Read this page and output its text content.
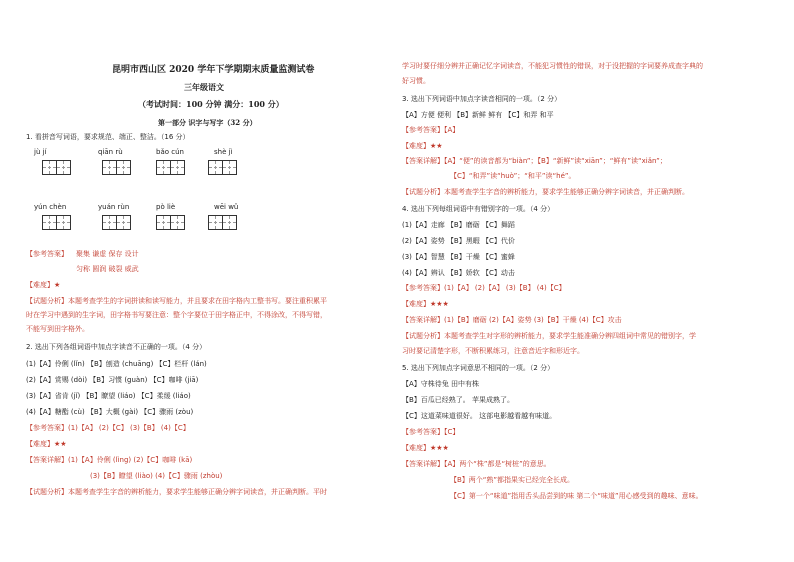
昆明市西山区 2020 学年下学期期末质量监测试卷
三年级语文
（考试时间：100 分钟 满分：100 分）
第一部分 识字与写字（32 分）
1. 看拼音写词语，要求规范、端正、整洁。（16 分）
jù jí	qiān rù	bǎo cún	shè jì
yún chèn	yuán rùn	pò liè	wēi wǔ
【参考答案】 聚集 谦虚 保存 设计
匀称 圆润 破裂 威武
【难度】★
【试题分析】本题考查学生的字词拼读和读写能力，并且要求在田字格内工整书写。要注重积累平
时在学习中遇到的生字词，田字格书写要注意：整个字要位于田字格正中，不得涂改，不得写错，
不能写到田字格外。
2. 选出下列各组词语中加点字读音不正确的一项。（4 分）
(1)【A】伶俐 (lǐn) 【B】刨造 (chuāng) 【C】栏杆 (lán)
(2)【A】赏赐 (dòi) 【B】习惯 (guàn) 【C】咖啡 (jiā)
(3)【A】省肯 (jǐ) 【B】瞭望 (liáo) 【C】柔缓 (liáo)
(4)【A】糖酯 (cù) 【B】大概 (gài) 【C】骤雨 (zòu)
【参考答案】(1)【A】 (2)【C】 (3)【B】 (4)【C】
【难度】★★
【答案详解】(1)【A】伶俐 (lìng) (2)【C】咖啡 (kā)
(3)【B】瞭望 (liào) (4)【C】骤雨 (zhòu)
【试题分析】本题考查学生字音的辨析能力，要求学生能够正确分辨字词读音，并正确判断。平时
学习时要仔细分辨并正确记忆字词读音，不能犯习惯性的错误，对于没把握的字词要养成查字典的
好习惯。
3. 选出下列词语中加点字读音相同的一项。（2 分）
【A】方便 便利 【B】新鲜 鲜有 【C】和弄 和平
【参考答案】【A】
【难度】★★
【答案详解】【A】“便”的读音都为“biàn”；【B】“新鲜”读“xiān”；“鲜有”读“xiǎn”；
【C】“和弄”读“huò”；“和平”读“hé”。
【试题分析】本题考查学生字音的辨析能力，要求学生能够正确分辨字词读音，并正确判断。
4. 选出下列每组词语中有错别字的一项。（4 分）
(1)【A】走廊 【B】磨砺 【C】舞蹈
(2)【A】姿势 【B】黑暇 【C】代价
(3)【A】智慧 【B】干燥 【C】蜜蜂
(4)【A】辨认 【B】娇软 【C】动击
【参考答案】(1)【A】 (2)【A】 (3)【B】 (4)【C】
【难度】★★★
【答案详解】(1)【B】磨砺 (2)【A】姿势 (3)【B】干燥 (4)【C】攻击
【试题分析】本题考查学生对字形的辨析能力，要求学生能准确分辨四组词中常见的错别字，学
习时要记清楚字形，不断积累练习，注意音近字和形近字。
5. 选出下列加点字词意思不相同的一项。（2 分）
【A】守株待兔 田中有株
【B】百瓜已经熟了。 苹果成熟了。
【C】这道菜味道很好。 这部电影越看越有味道。
【参考答案】【C】
【难度】★★★
【答案详解】【A】两个“株”都是“树桩”的意思。
【B】两个“熟”都指果实已经完全长成。
【C】第一个“味道”指用舌头品尝到的味 第二个“味道”用心感受到的趣味、意味。
